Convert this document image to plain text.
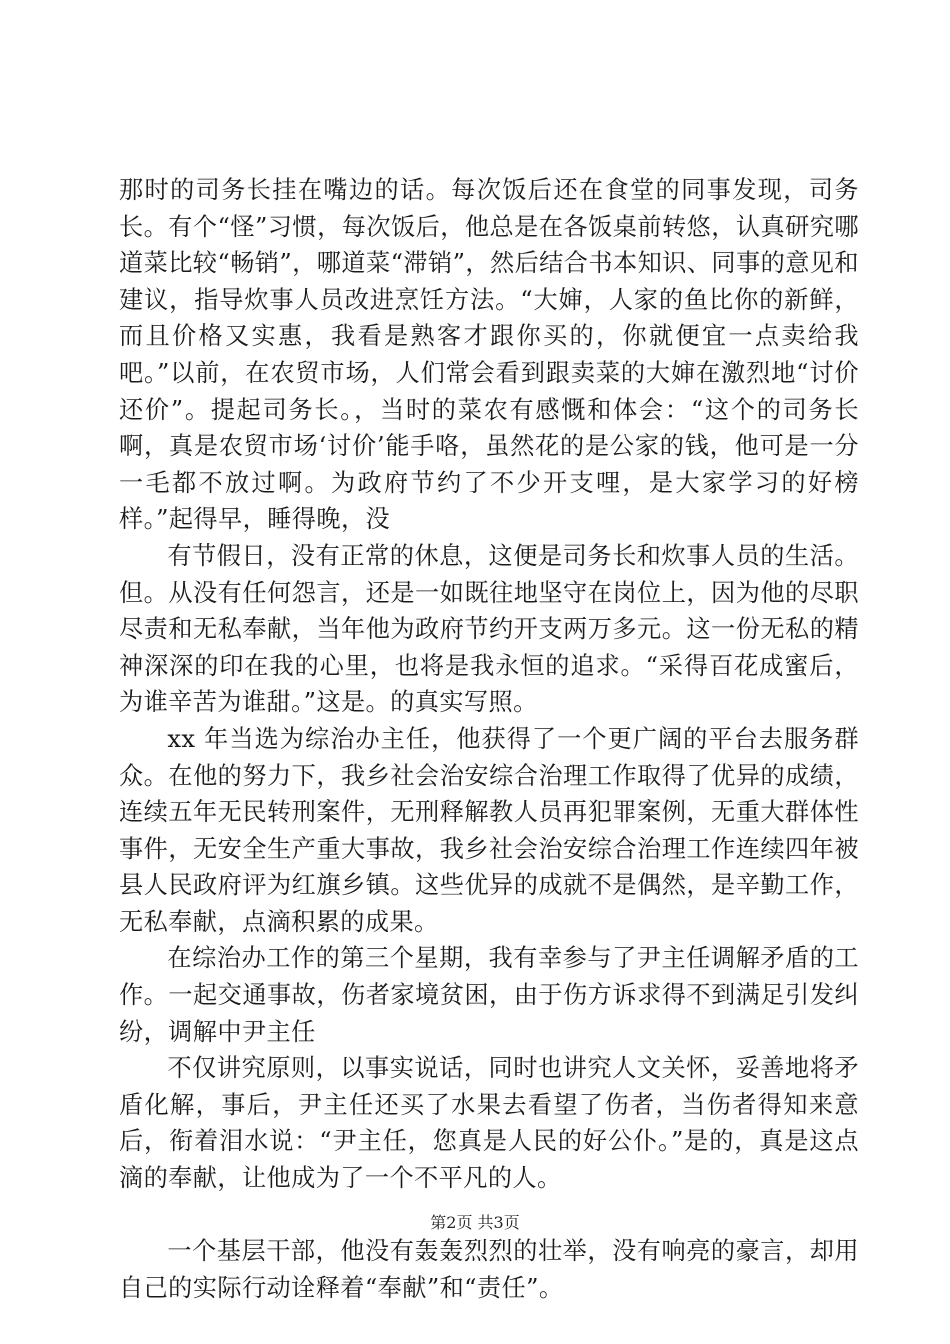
那时的司务长挂在嘴边的话。每次饭后还在食堂的同事发现，司务长。有个“怪”习惯，每次饭后，他总是在各饭桌前转悠，认真研究哪道菜比较“畅销”，哪道菜“滞销”，然后结合书本知识、同事的意见和建议，指导炊事人员改进烹饪方法。“大婶，人家的鱼比你的新鲜，而且价格又实惠，我看是熟客才跟你买的，你就便宜一点卖给我吧。”以前，在农贸市场，人们常会看到跟卖菜的大婶在激烈地“讨价还价”。提起司务长。，当时的菜农有感慨和体会：“这个的司务长啊，真是农贸市场‘讨价’能手咯，虽然花的是公家的钱，他可是一分一毛都不放过啊。为政府节约了不少开支哩，是大家学习的好榜样。”起得早，睡得晚，没

有节假日，没有正常的休息，这便是司务长和炊事人员的生活。但。从没有任何怨言，还是一如既往地坚守在岗位上，因为他的尽职尽责和无私奉献，当年他为政府节约开支两万多元。这一份无私的精神深深的印在我的心里，也将是我永恒的追求。“采得百花成蜜后，为谁辛苦为谁甜。”这是。的真实写照。

xx 年当选为综治办主任，他获得了一个更广阔的平台去服务群众。在他的努力下，我乡社会治安综合治理工作取得了优异的成绩，连续五年无民转刑案件，无刑释解教人员再犯罪案例，无重大群体性事件，无安全生产重大事故，我乡社会治安综合治理工作连续四年被县人民政府评为红旗乡镇。这些优异的成就不是偶然，是辛勤工作，无私奉献，点滴积累的成果。

在综治办工作的第三个星期，我有幸参与了尹主任调解矛盾的工作。一起交通事故，伤者家境贫困，由于伤方诉求得不到满足引发纠纷，调解中尹主任

不仅讲究原则，以事实说话，同时也讲究人文关怀，妥善地将矛盾化解，事后，尹主任还买了水果去看望了伤者，当伤者得知来意后，衔着泪水说：“尹主任，您真是人民的好公仆。”是的，真是这点滴的奉献，让他成为了一个不平凡的人。

一个基层干部，他没有轰轰烈烈的壮举，没有响亮的豪言，却用自己的实际行动诠释着“奉献”和“责任”。

第2页 共3页
